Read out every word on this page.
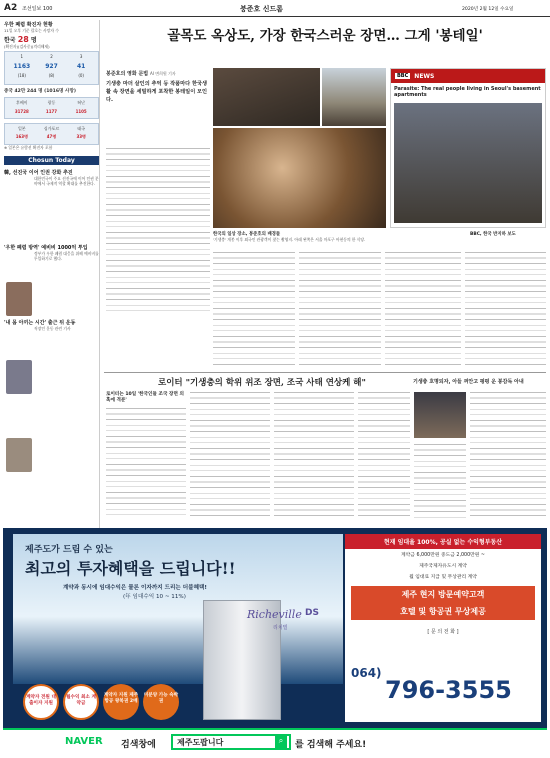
A2 조선일보 100	붕준호 신드롬	2020년 2월 12일 수요일
우한 폐렴 확진자 현황
11일 오후 기준 괄호는 사망자 수
한국 28 명
(확진자)(검사중)(격리해제)
1	2	3
1163	927	41
(18)	(8)	(0)
중국 42만 244 명 (1016명 사망)
후베이	광둥	허난
31728	1177	1105
일본	싱가포르	태국
163명	47명	33명
※ 일본은 유람선 확진자 포함
Chosun Today
韓, 선진국 이어 인권 강화 추진
대한민국이 주요 선진국에 이어 인권 분야에서 국제적 역할 확대를 추진한다.
'우한 폐렴 방역' 예비비 1000억 투입
정부가 우한 폐렴 대응을 위해 예비비를 투입하기로 했다.
'내 몸 아끼는 시간' 출근 뒤 운동
직장인 운동 관련 기사
골목도 옥상도, 가장 한국스러운 장면… 그게 '봉테일'
봉준호의 영화 문법 AI 변희원 기자
기생충 마더 살인의 추억 등 작품마다 한국생활 속 장면을 세밀하게 포착한 봉테일이 모인다.
한국의 일상 장소, 봉준호의 배경들
'기생충' 개봉 이후 외국인 관광객이 찾는 촬영지. 아래 왼쪽은 서울 마포구 아현동의 한 식당.
BBC	NEWS
Parasite: The real people living in Seoul's basement apartments
BBC, 한국 반지하 보도
로이터 "기생충의 학위 위조 장면, 조국 사태 연상케 해"	기생충 호명되자, 아들 껴안고 펑펑 운 봉감독 아내
로이터는 10일 '한국인들 조국 장면 의혹에 격분'
제주도가 드림 수 있는
최고의 투자혜택을 드립니다!!
계약과 동시에 임대수익은 물론 이자까지 드리는 더블혜택!
(年 임대수익 10 ~ 11%)
Richeville DS
리치빌
계약자 전원 대출이자 지원
월수익 최소 계약금
계약자 지원 제주항공 왕복권 2매
미분양 가능 숙박권
현재 임대율 100%, 공실 없는 수익형부동산
계약금 6,000만원 중도금 2,000만원 ~
제주국제자유도시 계약
월 임대료 지급 및 무상관리 계약
제주 현지 방문예약고객
호텔 및 항공권 무상제공
[ 문 의 전 화 ]
064)
796-3555
NAVER 검색창에	제주도팝니다	⌕	를 검색해 주세요!
